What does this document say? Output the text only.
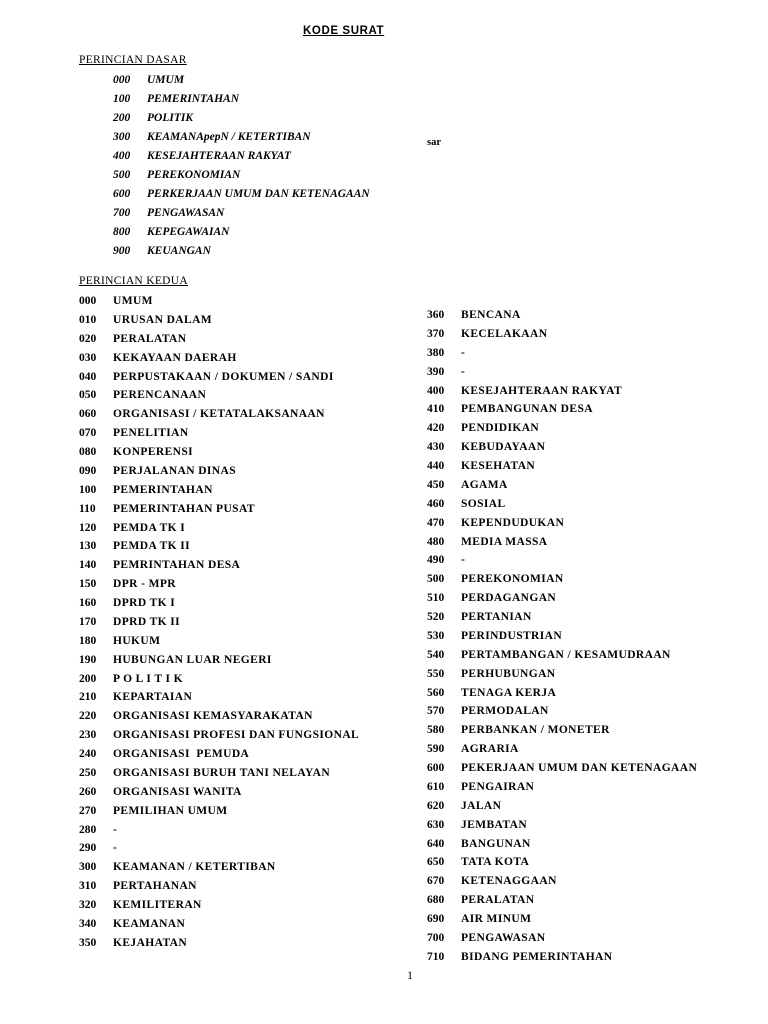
KODE SURAT
PERINCIAN DASAR
000 UMUM
100 PEMERINTAHAN
200 POLITIK
300 KEAMANApepN / KETERTIBAN
400 KESEJAHTERAAN RAKYAT
500 PEREKONOMIAN
600 PERKERJAAN UMUM DAN KETENAGAAN
700 PENGAWASAN
800 KEPEGAWAIAN
900 KEUANGAN
sar
PERINCIAN KEDUA
000 UMUM
010 URUSAN DALAM
020 PERALATAN
030 KEKAYAAN DAERAH
040 PERPUSTAKAAN / DOKUMEN / SANDI
050 PERENCANAAN
060 ORGANISASI / KETATALAKSANAAN
070 PENELITIAN
080 KONPERENSI
090 PERJALANAN DINAS
100 PEMERINTAHAN
110 PEMERINTAHAN PUSAT
120 PEMDA TK I
130 PEMDA TK II
140 PEMRINTAHAN DESA
150 DPR - MPR
160 DPRD TK I
170 DPRD TK II
180 HUKUM
190 HUBUNGAN LUAR NEGERI
200 P O L I T I K
210 KEPARTAIAN
220 ORGANISASI KEMASYARAKATAN
230 ORGANISASI PROFESI DAN FUNGSIONAL
240 ORGANISASI  PEMUDA
250 ORGANISASI BURUH TANI NELAYAN
260 ORGANISASI WANITA
270 PEMILIHAN UMUM
280 -
290 -
300 KEAMANAN / KETERTIBAN
310 PERTAHANAN
320 KEMILITERAN
340 KEAMANAN
350 KEJAHATAN
360 BENCANA
370 KECELAKAAN
380 -
390 -
400 KESEJAHTERAAN RAKYAT
410 PEMBANGUNAN DESA
420 PENDIDIKAN
430 KEBUDAYAAN
440 KESEHATAN
450 AGAMA
460 SOSIAL
470 KEPENDUDUKAN
480 MEDIA MASSA
490 -
500 PEREKONOMIAN
510 PERDAGANGAN
520 PERTANIAN
530 PERINDUSTRIAN
540 PERTAMBANGAN / KESAMUDRAAN
550 PERHUBUNGAN
560 TENAGA KERJA
570 PERMODALAN
580 PERBANKAN / MONETER
590 AGRARIA
600 PEKERJAAN UMUM DAN KETENAGAAN
610 PENGAIRAN
620 JALAN
630 JEMBATAN
640 BANGUNAN
650 TATA KOTA
670 KETENAGGAAN
680 PERALATAN
690 AIR MINUM
700 PENGAWASAN
710 BIDANG PEMERINTAHAN
1
